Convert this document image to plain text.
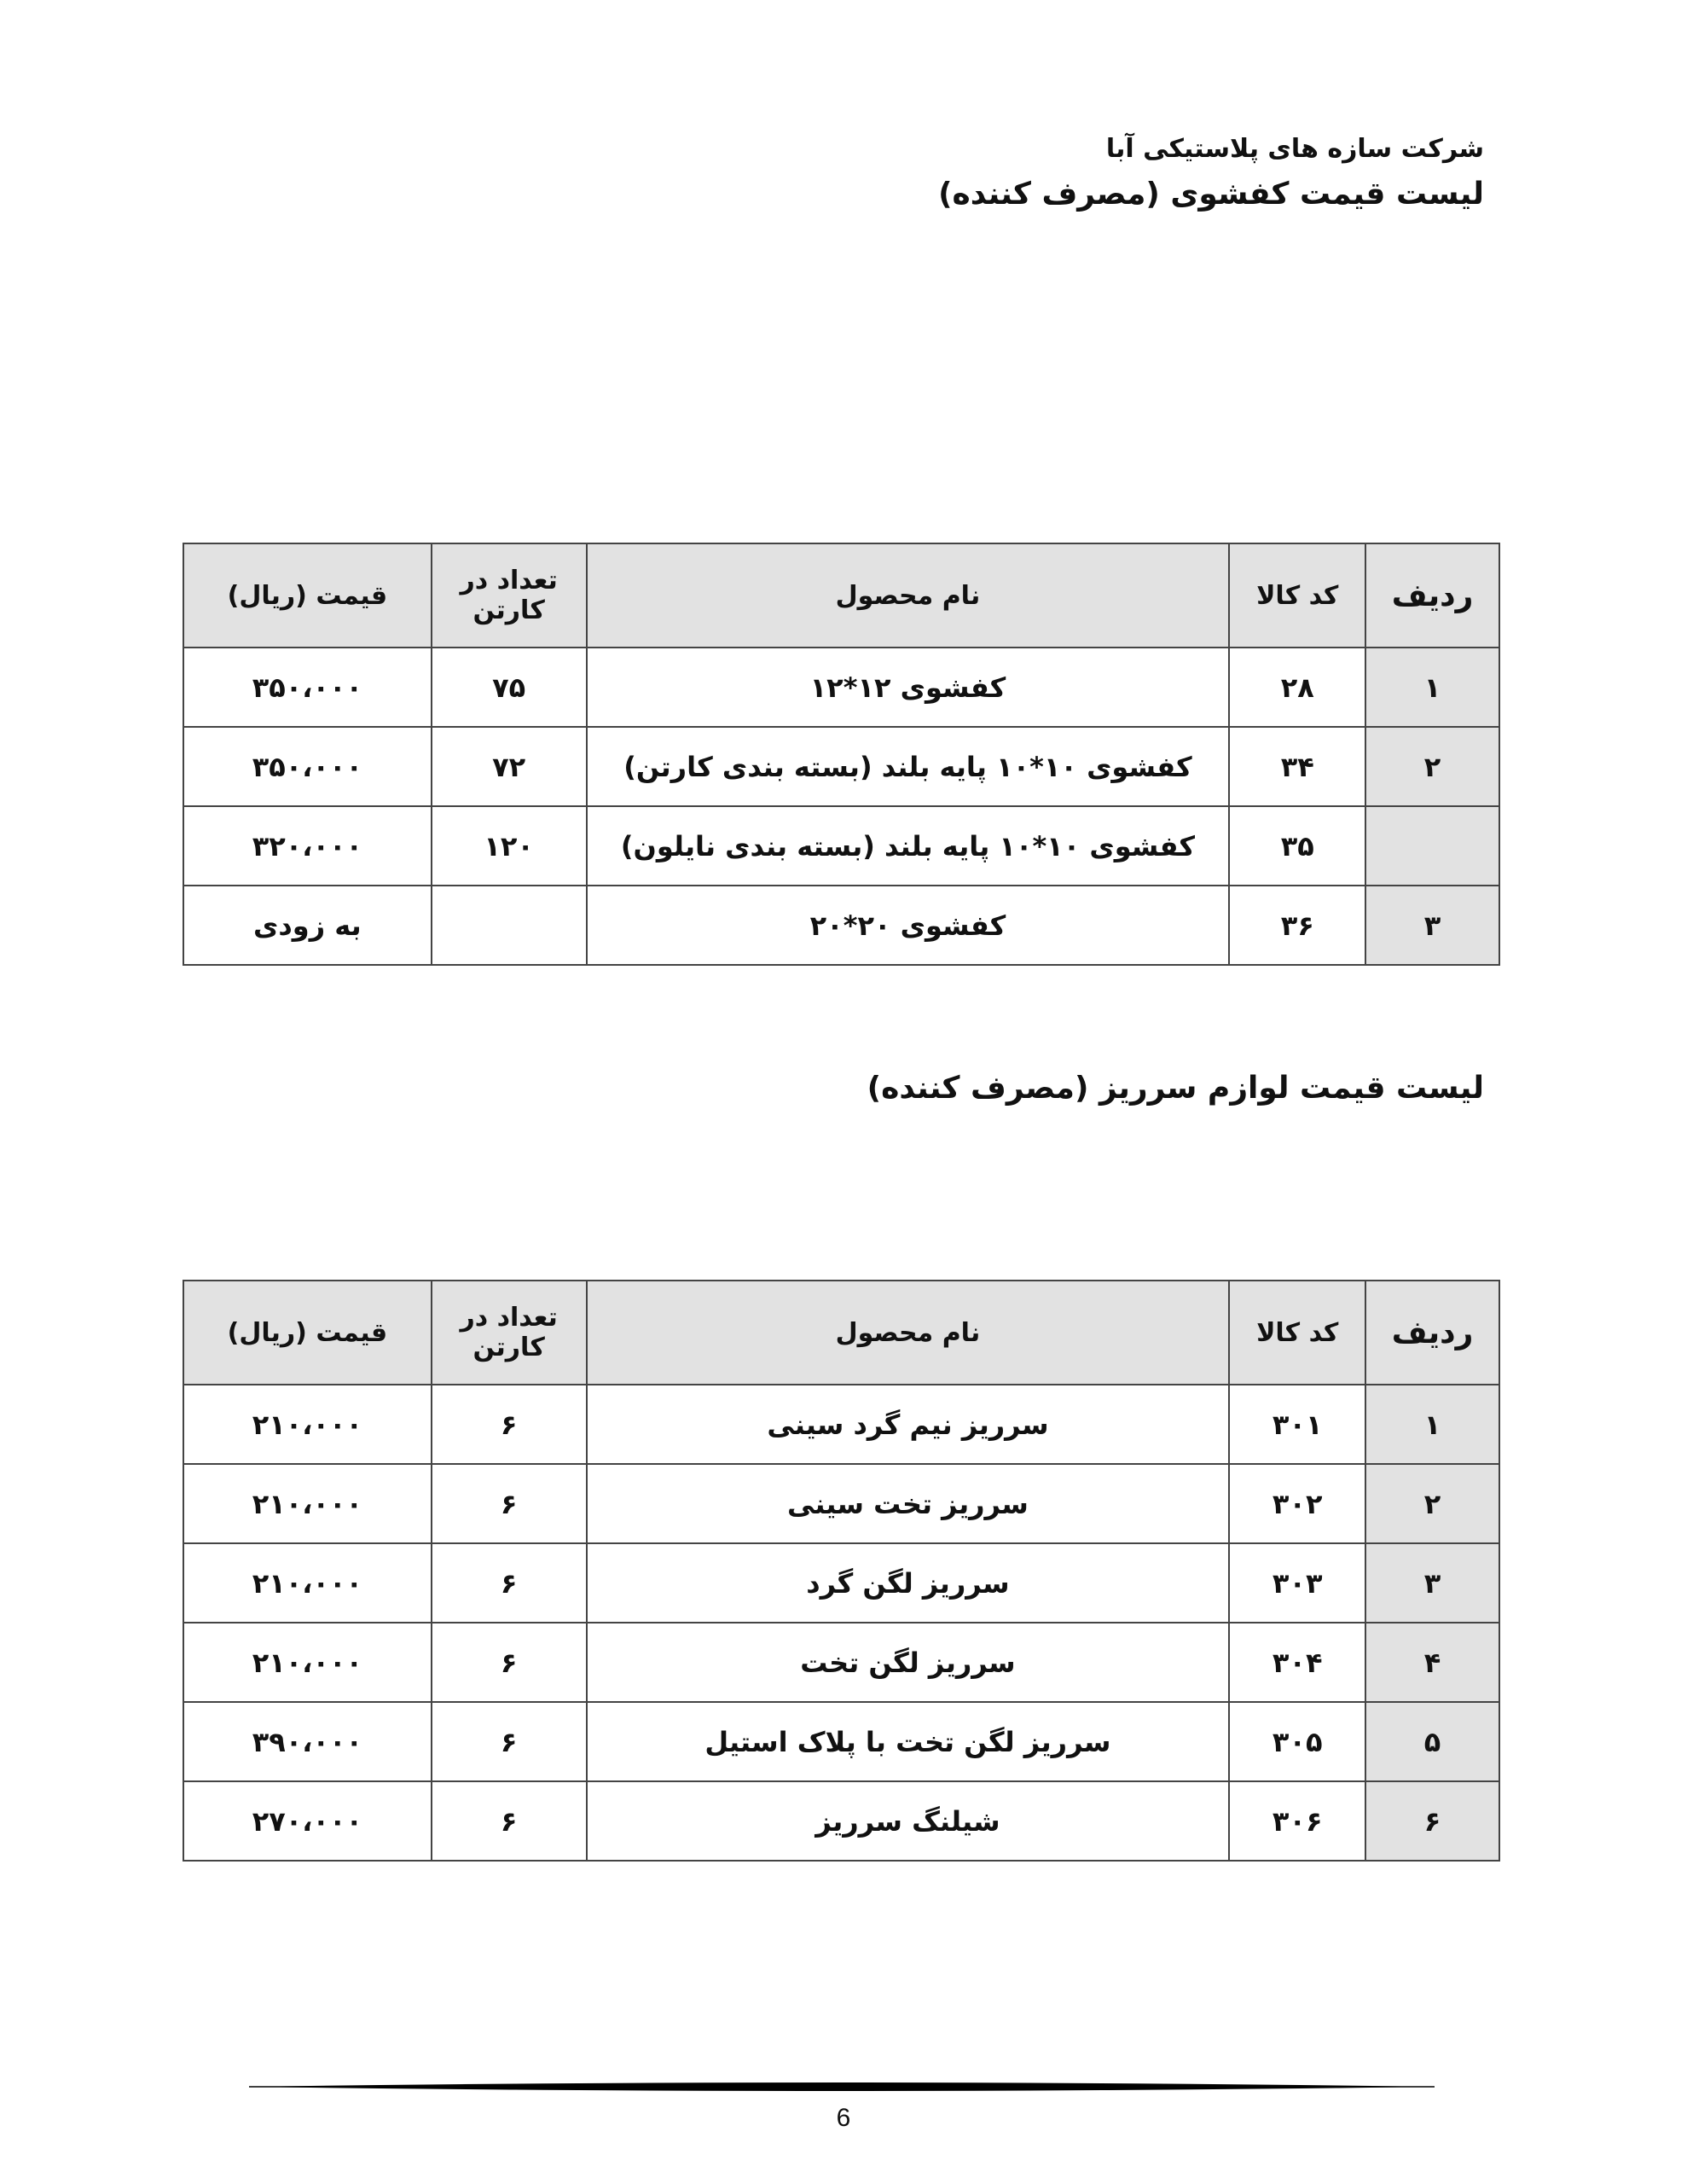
شرکت سازه های پلاستیکی آبا

لیست قیمت کفشوی (مصرف کننده)

ردیف	کد کالا	نام محصول	تعداد در کارتن	قیمت (ریال)
۱	۲۸	کفشوی ۱۲*۱۲	۷۵	۳۵۰،۰۰۰
۲	۳۴	کفشوی ۱۰*۱۰ پایه بلند (بسته بندی کارتن)	۷۲	۳۵۰،۰۰۰
	۳۵	کفشوی ۱۰*۱۰ پایه بلند (بسته بندی نایلون)	۱۲۰	۳۲۰،۰۰۰
۳	۳۶	کفشوی ۲۰*۲۰		به زودی

لیست قیمت لوازم سرریز (مصرف کننده)

ردیف	کد کالا	نام محصول	تعداد در کارتن	قیمت (ریال)
۱	۳۰۱	سرریز نیم گرد سینی	۶	۲۱۰،۰۰۰
۲	۳۰۲	سرریز تخت سینی	۶	۲۱۰،۰۰۰
۳	۳۰۳	سرریز لگن گرد	۶	۲۱۰،۰۰۰
۴	۳۰۴	سرریز لگن تخت	۶	۲۱۰،۰۰۰
۵	۳۰۵	سرریز لگن تخت با پلاک استیل	۶	۳۹۰،۰۰۰
۶	۳۰۶	شیلنگ سرریز	۶	۲۷۰،۰۰۰
6
